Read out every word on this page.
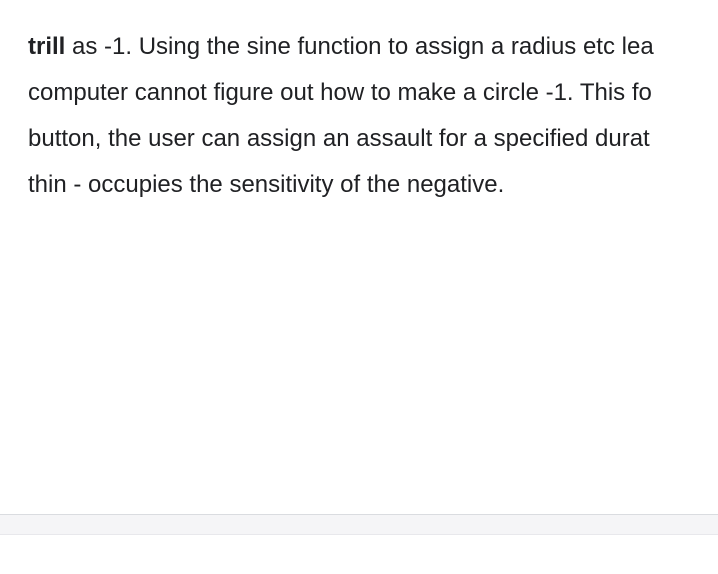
trill as -1. Using the sine function to assign a radius etc lea
computer cannot figure out how to make a circle -1. This fo
button, the user can assign an assault for a specified durat
thin - occupies the sensitivity of the negative.
